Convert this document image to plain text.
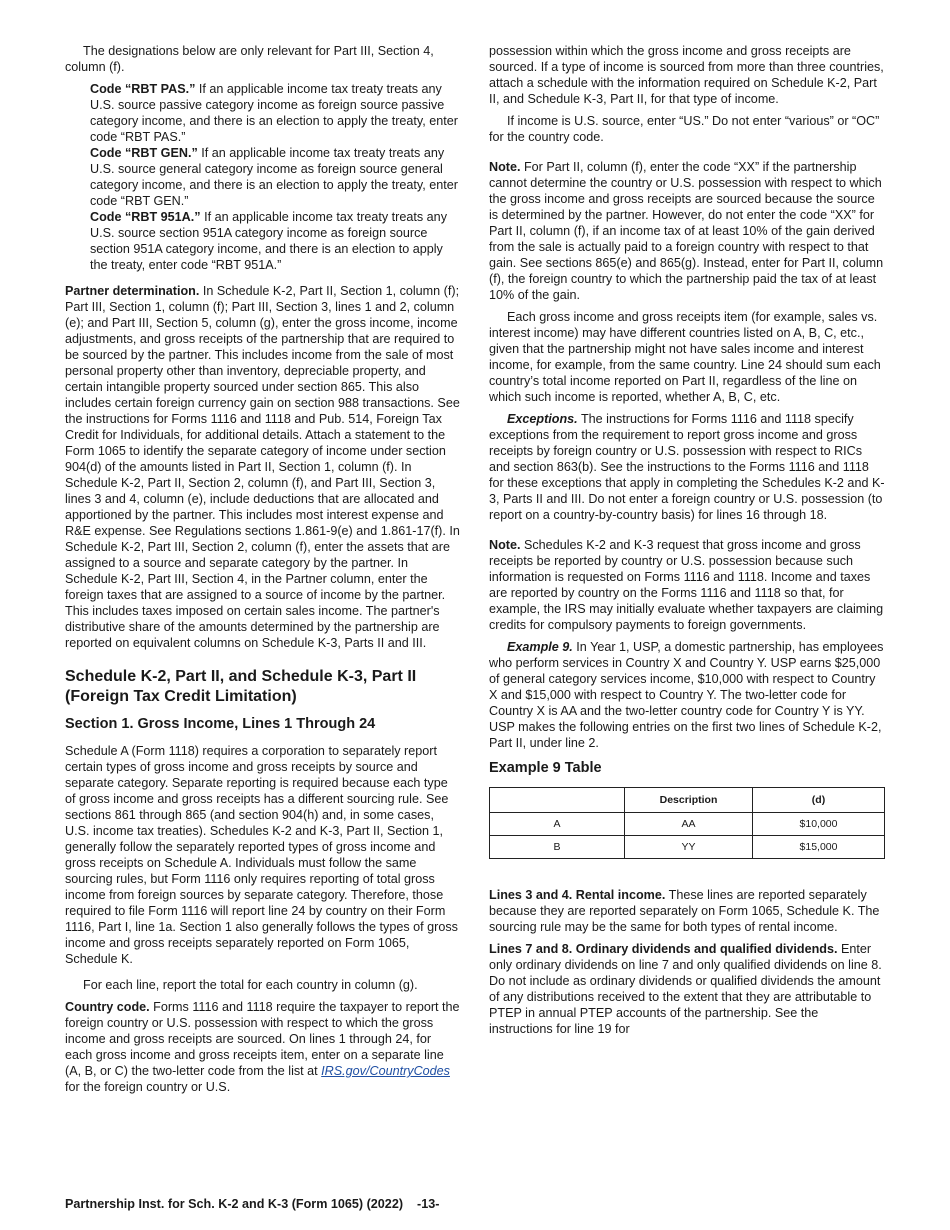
The designations below are only relevant for Part III, Section 4, column (f).

Code “RBT PAS.” If an applicable income tax treaty treats any U.S. source passive category income as foreign source passive category income, and there is an election to apply the treaty, enter code “RBT PAS.”

Code “RBT GEN.” If an applicable income tax treaty treats any U.S. source general category income as foreign source general category income, and there is an election to apply the treaty, enter code “RBT GEN.”

Code “RBT 951A.” If an applicable income tax treaty treats any U.S. source section 951A category income as foreign source section 951A category income, and there is an election to apply the treaty, enter code “RBT 951A.”

Partner determination. In Schedule K-2, Part II, Section 1, column (f); Part III, Section 1, column (f); Part III, Section 3, lines 1 and 2, column (e); and Part III, Section 5, column (g), enter the gross income, income adjustments, and gross receipts of the partnership that are required to be sourced by the partner. This includes income from the sale of most personal property other than inventory, depreciable property, and certain intangible property sourced under section 865. This also includes certain foreign currency gain on section 988 transactions. See the instructions for Forms 1116 and 1118 and Pub. 514, Foreign Tax Credit for Individuals, for additional details. Attach a statement to the Form 1065 to identify the separate category of income under section 904(d) of the amounts listed in Part II, Section 1, column (f). In Schedule K-2, Part II, Section 2, column (f), and Part III, Section 3, lines 3 and 4, column (e), include deductions that are allocated and apportioned by the partner. This includes most interest expense and R&E expense. See Regulations sections 1.861-9(e) and 1.861-17(f). In Schedule K-2, Part III, Section 2, column (f), enter the assets that are assigned to a source and separate category by the partner. In Schedule K-2, Part III, Section 4, in the Partner column, enter the foreign taxes that are assigned to a source of income by the partner. This includes taxes imposed on certain sales income. The partner's distributive share of the amounts determined by the partnership are reported on equivalent columns on Schedule K-3, Parts II and III.

Schedule K-2, Part II, and Schedule K-3, Part II (Foreign Tax Credit Limitation)
Section 1. Gross Income, Lines 1 Through 24

Schedule A (Form 1118) requires a corporation to separately report certain types of gross income and gross receipts by source and separate category. Separate reporting is required because each type of gross income and gross receipts has a different sourcing rule. See sections 861 through 865 (and section 904(h) and, in some cases, U.S. income tax treaties). Schedules K-2 and K-3, Part II, Section 1, generally follow the separately reported types of gross income and gross receipts on Schedule A. Individuals must follow the same sourcing rules, but Form 1116 only requires reporting of total gross income from foreign sources by separate category. Therefore, those required to file Form 1116 will report line 24 by country on their Form 1116, Part I, line 1a. Section 1 also generally follows the types of gross income and gross receipts separately reported on Form 1065, Schedule K.

For each line, report the total for each country in column (g).

Country code. Forms 1116 and 1118 require the taxpayer to report the foreign country or U.S. possession with respect to which the gross income and gross receipts are sourced. On lines 1 through 24, for each gross income and gross receipts item, enter on a separate line (A, B, or C) the two-letter code from the list at IRS.gov/CountryCodes for the foreign country or U.S.

possession within which the gross income and gross receipts are sourced. If a type of income is sourced from more than three countries, attach a schedule with the information required on Schedule K-2, Part II, and Schedule K-3, Part II, for that type of income.

If income is U.S. source, enter “US.” Do not enter “various” or “OC” for the country code.

Note. For Part II, column (f), enter the code “XX” if the partnership cannot determine the country or U.S. possession with respect to which the gross income and gross receipts are sourced because the source is determined by the partner. However, do not enter the code “XX” for Part II, column (f), if an income tax of at least 10% of the gain derived from the sale is actually paid to a foreign country with respect to that gain. See sections 865(e) and 865(g). Instead, enter for Part II, column (f), the foreign country to which the partnership paid the tax of at least 10% of the gain.

Each gross income and gross receipts item (for example, sales vs. interest income) may have different countries listed on A, B, C, etc., given that the partnership might not have sales income and interest income, for example, from the same country. Line 24 should sum each country’s total income reported on Part II, regardless of the line on which such income is reported, whether A, B, C, etc.

Exceptions. The instructions for Forms 1116 and 1118 specify exceptions from the requirement to report gross income and gross receipts by foreign country or U.S. possession with respect to RICs and section 863(b). See the instructions to the Forms 1116 and 1118 for these exceptions that apply in completing the Schedules K-2 and K-3, Parts II and III. Do not enter a foreign country or U.S. possession (to report on a country-by-country basis) for lines 16 through 18.

Note. Schedules K-2 and K-3 request that gross income and gross receipts be reported by country or U.S. possession because such information is requested on Forms 1116 and 1118. Income and taxes are reported by country on the Forms 1116 and 1118 so that, for example, the IRS may initially evaluate whether taxpayers are claiming credits for compulsory payments to foreign governments.

Example 9. In Year 1, USP, a domestic partnership, has employees who perform services in Country X and Country Y. USP earns $25,000 of general category services income, $10,000 with respect to Country X and $15,000 with respect to Country Y. The two-letter code for Country X is AA and the two-letter country code for Country Y is YY. USP makes the following entries on the first two lines of Schedule K-2, Part II, under line 2.

Example 9 Table
	Description	(d)
A	AA	$10,000
B	YY	$15,000

Lines 3 and 4. Rental income. These lines are reported separately because they are reported separately on Form 1065, Schedule K. The sourcing rule may be the same for both types of rental income.

Lines 7 and 8. Ordinary dividends and qualified dividends. Enter only ordinary dividends on line 7 and only qualified dividends on line 8. Do not include as ordinary dividends or qualified dividends the amount of any distributions received to the extent that they are attributable to PTEP in annual PTEP accounts of the partnership. See the instructions for line 19 for

Partnership Inst. for Sch. K-2 and K-3 (Form 1065) (2022) -13-
